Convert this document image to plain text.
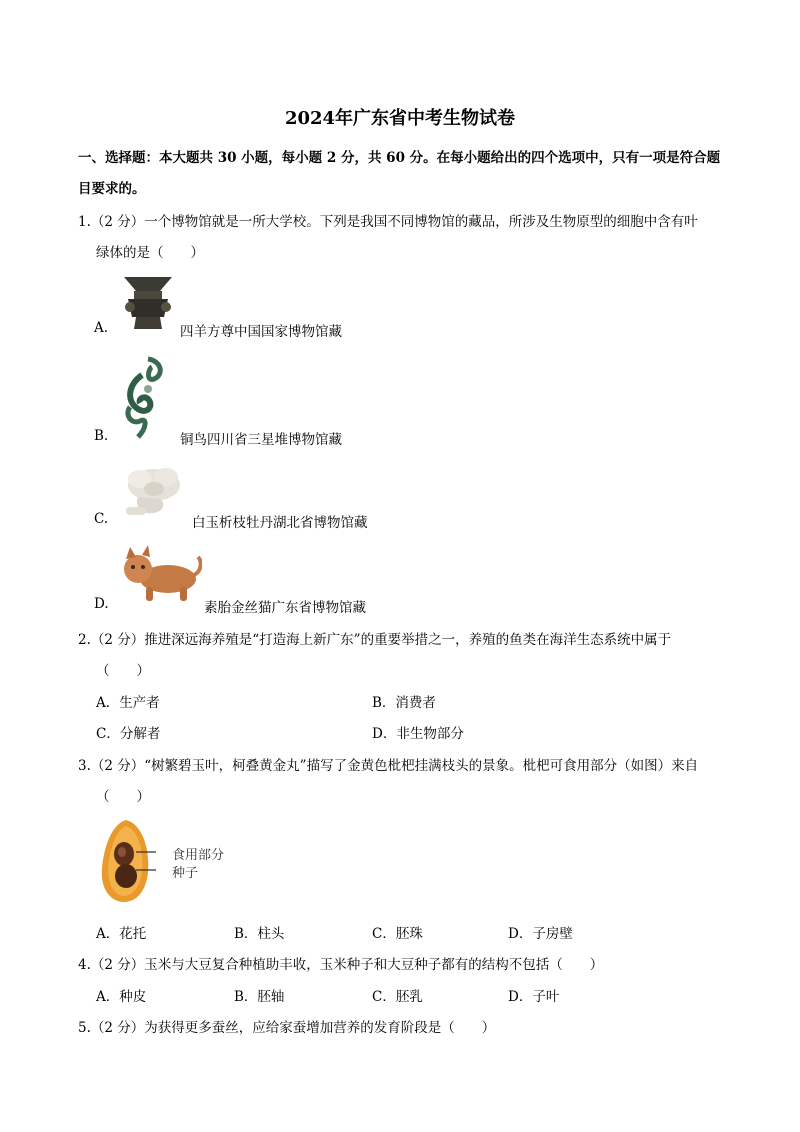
2024年广东省中考生物试卷
一、选择题：本大题共 30 小题，每小题 2 分，共 60 分。在每小题给出的四个选项中，只有一项是符合题
目要求的。
1.（2 分）一个博物馆就是一所大学校。下列是我国不同博物馆的藏品，所涉及生物原型的细胞中含有叶
绿体的是（　　）
A.	四羊方尊中国国家博物馆藏
B.	铜鸟四川省三星堆博物馆藏
C.	白玉析枝牡丹湖北省博物馆藏
D.	素胎金丝猫广东省博物馆藏
2.（2 分）推进深远海养殖是“打造海上新广东”的重要举措之一，养殖的鱼类在海洋生态系统中属于
（　　）
A．生产者	B．消费者
C．分解者	D．非生物部分
3.（2 分）“树繁碧玉叶，柯叠黄金丸”描写了金黄色枇杷挂满枝头的景象。枇杷可食用部分（如图）来自
（　　）
食用部分
种子
A．花托	B．柱头	C．胚珠	D．子房壁
4.（2 分）玉米与大豆复合种植助丰收，玉米种子和大豆种子都有的结构不包括（　　）
A．种皮	B．胚轴	C．胚乳	D．子叶
5.（2 分）为获得更多蚕丝，应给家蚕增加营养的发育阶段是（　　）
